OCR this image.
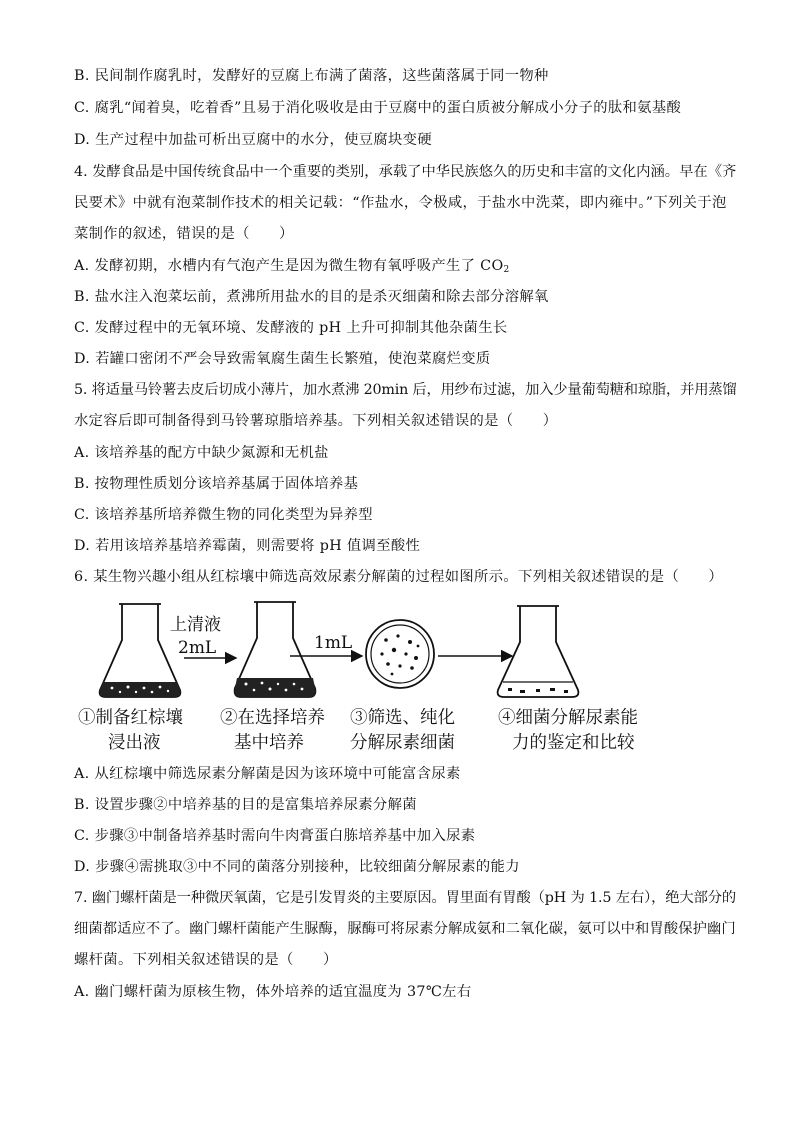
B. 民间制作腐乳时，发酵好的豆腐上布满了菌落，这些菌落属于同一物种
C. 腐乳“闻着臭，吃着香”且易于消化吸收是由于豆腐中的蛋白质被分解成小分子的肽和氨基酸
D. 生产过程中加盐可析出豆腐中的水分，使豆腐块变硬
4. 发酵食品是中国传统食品中一个重要的类别，承载了中华民族悠久的历史和丰富的文化内涵。早在《齐
民要术》中就有泡菜制作技术的相关记载：“作盐水，令极咸，于盐水中洗菜，即内雍中。”下列关于泡
菜制作的叙述，错误的是（　　）
A. 发酵初期，水槽内有气泡产生是因为微生物有氧呼吸产生了 $CO_2$
B. 盐水注入泡菜坛前，煮沸所用盐水的目的是杀灭细菌和除去部分溶解氧
C. 发酵过程中的无氧环境、发酵液的 pH 上升可抑制其他杂菌生长
D. 若罐口密闭不严会导致需氧腐生菌生长繁殖，使泡菜腐烂变质
5. 将适量马铃薯去皮后切成小薄片，加水煮沸 20min 后，用纱布过滤，加入少量葡萄糖和琼脂，并用蒸馏
水定容后即可制备得到马铃薯琼脂培养基。下列相关叙述错误的是（　　）
A. 该培养基的配方中缺少氮源和无机盐
B. 按物理性质划分该培养基属于固体培养基
C. 该培养基所培养微生物的同化类型为异养型
D. 若用该培养基培养霉菌，则需要将 pH 值调至酸性
6. 某生物兴趣小组从红棕壤中筛选高效尿素分解菌的过程如图所示。下列相关叙述错误的是（　　）
上清液
2mL	1mL
①制备红棕壤
浸出液
②在选择培养
基中培养
③筛选、纯化
分解尿素细菌
④细菌分解尿素能
力的鉴定和比较
A. 从红棕壤中筛选尿素分解菌是因为该环境中可能富含尿素
B. 设置步骤②中培养基的目的是富集培养尿素分解菌
C. 步骤③中制备培养基时需向牛肉膏蛋白胨培养基中加入尿素
D. 步骤④需挑取③中不同的菌落分别接种，比较细菌分解尿素的能力
7. 幽门螺杆菌是一种微厌氧菌，它是引发胃炎的主要原因。胃里面有胃酸（pH 为 1.5 左右），绝大部分的
细菌都适应不了。幽门螺杆菌能产生脲酶，脲酶可将尿素分解成氨和二氧化碳，氨可以中和胃酸保护幽门
螺杆菌。下列相关叙述错误的是（　　）
A. 幽门螺杆菌为原核生物，体外培养的适宜温度为 37℃左右
